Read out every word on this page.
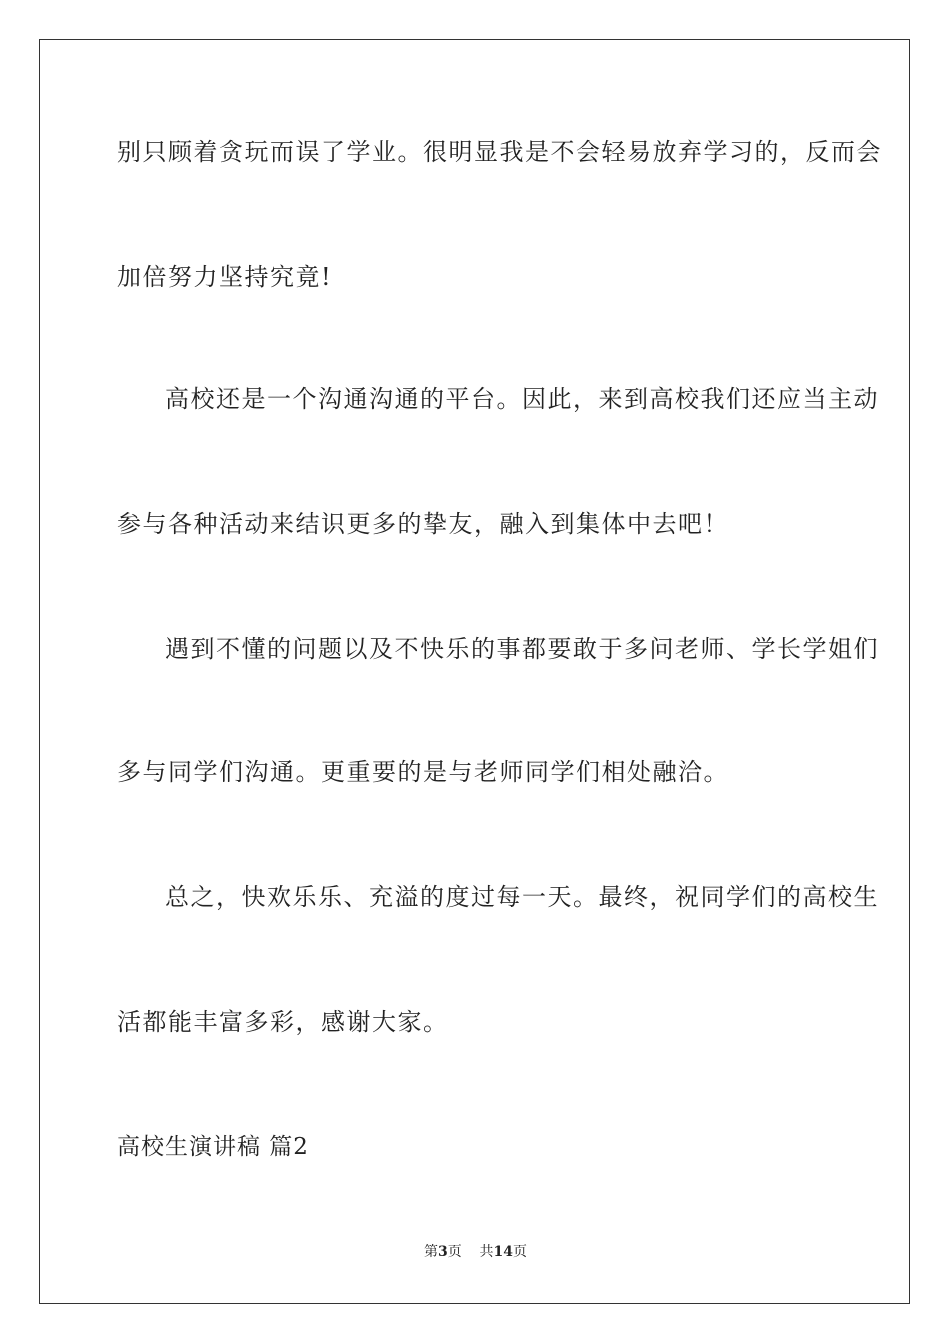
别只顾着贪玩而误了学业。很明显我是不会轻易放弃学习的，反而会

加倍努力坚持究竟!

高校还是一个沟通沟通的平台。因此，来到高校我们还应当主动

参与各种活动来结识更多的挚友，融入到集体中去吧！

遇到不懂的问题以及不快乐的事都要敢于多问老师、学长学姐们

多与同学们沟通。更重要的是与老师同学们相处融洽。

总之，快欢乐乐、充溢的度过每一天。最终，祝同学们的高校生

活都能丰富多彩，感谢大家。

高校生演讲稿 篇2

第3页 共14页
